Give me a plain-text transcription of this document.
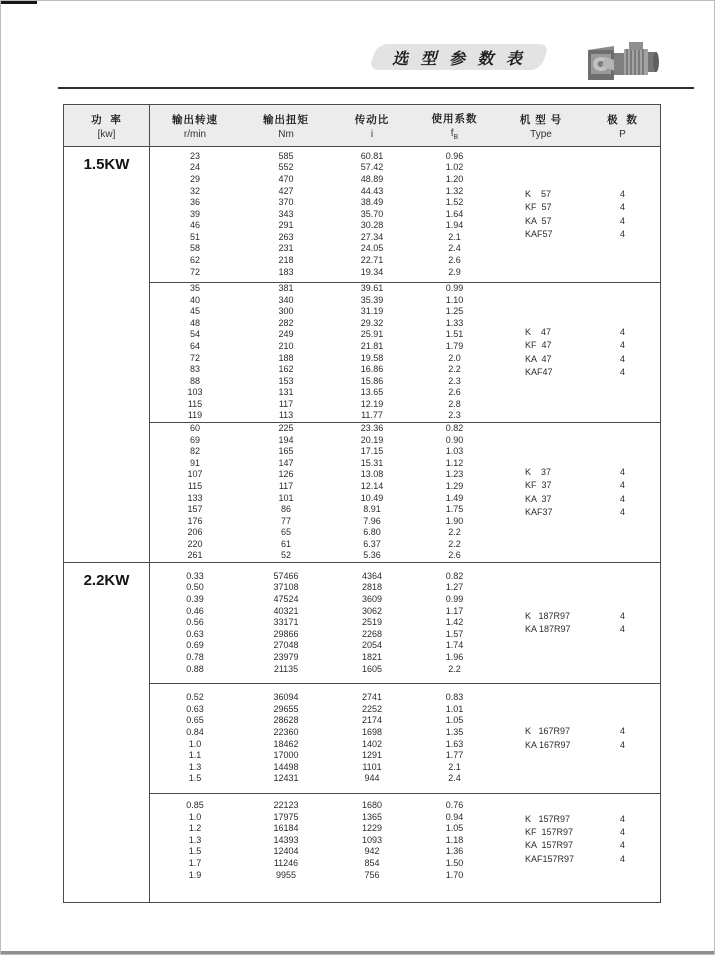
选 型 参 数 表
功  率
[kw]
输出转速
r/min
输出扭矩
Nm
传动比
i
使用系数
$f_B$
机 型 号
Type
极  数
P
1.5KW
23
24
29
32
36
39
46
51
58
62
72
585
552
470
427
370
343
291
263
231
218
183
60.81
57.42
48.89
44.43
38.49
35.70
30.28
27.34
24.05
22.71
19.34
0.96
1.02
1.20
1.32
1.52
1.64
1.94
2.1
2.4
2.6
2.9
K    57
KF  57
KA  57
KAF57
4
4
4
4
35
40
45
48
54
64
72
83
88
103
115
119
381
340
300
282
249
210
188
162
153
131
117
113
39.61
35.39
31.19
29.32
25.91
21.81
19.58
16.86
15.86
13.65
12.19
11.77
0.99
1.10
1.25
1.33
1.51
1.79
2.0
2.2
2.3
2.6
2.8
2.3
K    47
KF  47
KA  47
KAF47
4
4
4
4
60
69
82
91
107
115
133
157
176
206
220
261
225
194
165
147
126
117
101
86
77
65
61
52
23.36
20.19
17.15
15.31
13.08
12.14
10.49
8.91
7.96
6.80
6.37
5.36
0.82
0.90
1.03
1.12
1.23
1.29
1.49
1.75
1.90
2.2
2.2
2.6
K    37
KF  37
KA  37
KAF37
4
4
4
4
2.2KW	0.33
0.50
0.39
0.46
0.56
0.63
0.69
0.78
0.88
57466
37108
47524
40321
33171
29866
27048
23979
21135
4364
2818
3609
3062
2519
2268
2054
1821
1605
0.82
1.27
0.99
1.17
1.42
1.57
1.74
1.96
2.2
K   187R97
KA 187R97
4
4
0.52
0.63
0.65
0.84
1.0
1.1
1.3
1.5
36094
29655
28628
22360
18462
17000
14498
12431
2741
2252
2174
1698
1402
1291
1101
944
0.83
1.01
1.05
1.35
1.63
1.77
2.1
2.4
K   167R97
KA 167R97
4
4
0.85
1.0
1.2
1.3
1.5
1.7
1.9
22123
17975
16184
14393
12404
11246
9955
1680
1365
1229
1093
942
854
756
0.76
0.94
1.05
1.18
1.36
1.50
1.70
K   157R97
KF  157R97
KA  157R97
KAF157R97
4
4
4
4
